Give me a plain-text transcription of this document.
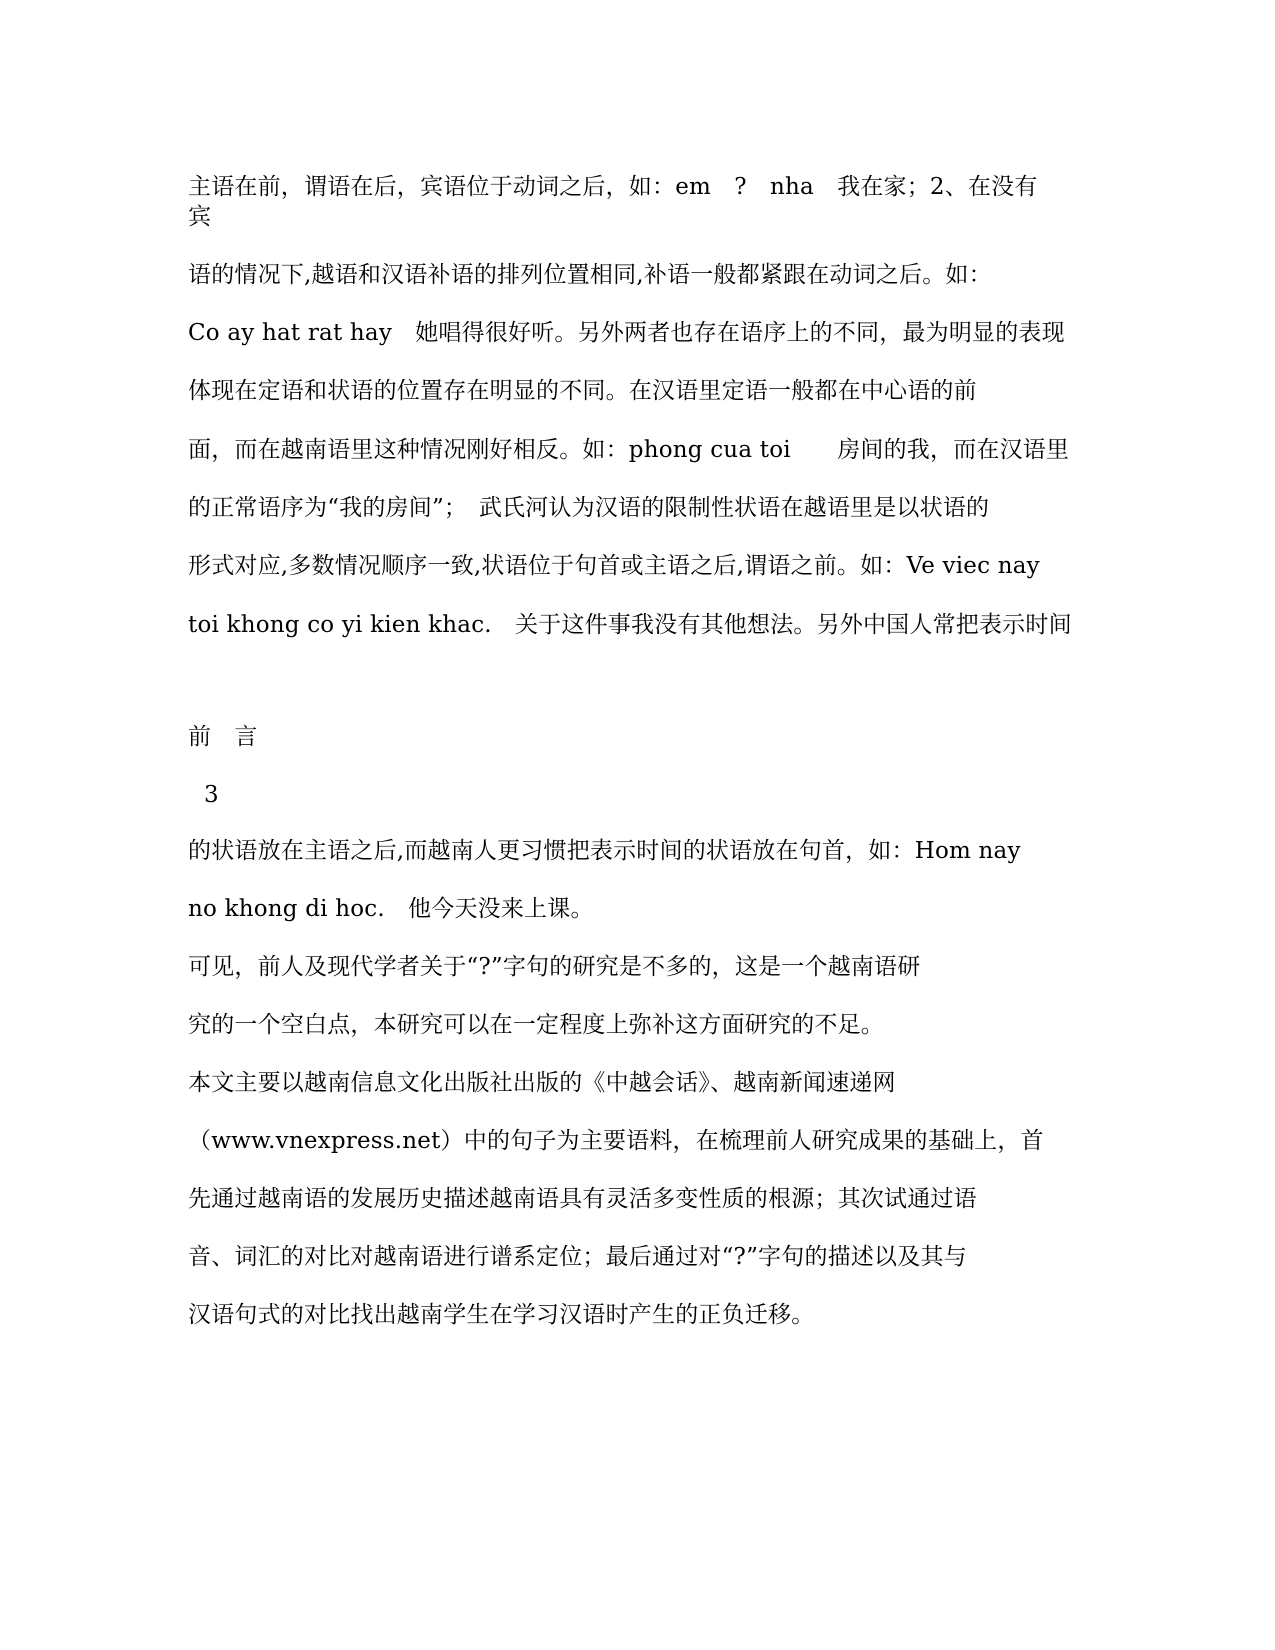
主语在前，谓语在后，宾语位于动词之后，如：em　?　nha　我在家；2、在没有

宾

语的情况下,越语和汉语补语的排列位置相同,补语一般都紧跟在动词之后。如：

Co ay hat rat hay　她唱得很好听。另外两者也存在语序上的不同，最为明显的表现

体现在定语和状语的位置存在明显的不同。在汉语里定语一般都在中心语的前

面，而在越南语里这种情况刚好相反。如：phong cua toi　　房间的我，而在汉语里

的正常语序为“我的房间”；　武氏河认为汉语的限制性状语在越语里是以状语的

形式对应,多数情况顺序一致,状语位于句首或主语之后,谓语之前。如：Ve viec nay

toi khong co yi kien khac.　关于这件事我没有其他想法。另外中国人常把表示时间

前　言

3

的状语放在主语之后,而越南人更习惯把表示时间的状语放在句首，如：Hom nay

no khong di hoc.　他今天没来上课。

可见，前人及现代学者关于“?”字句的研究是不多的，这是一个越南语研

究的一个空白点，本研究可以在一定程度上弥补这方面研究的不足。

本文主要以越南信息文化出版社出版的《中越会话》、越南新闻速递网

（www.vnexpress.net）中的句子为主要语料，在梳理前人研究成果的基础上，首

先通过越南语的发展历史描述越南语具有灵活多变性质的根源；其次试通过语

音、词汇的对比对越南语进行谱系定位；最后通过对“?”字句的描述以及其与

汉语句式的对比找出越南学生在学习汉语时产生的正负迁移。
